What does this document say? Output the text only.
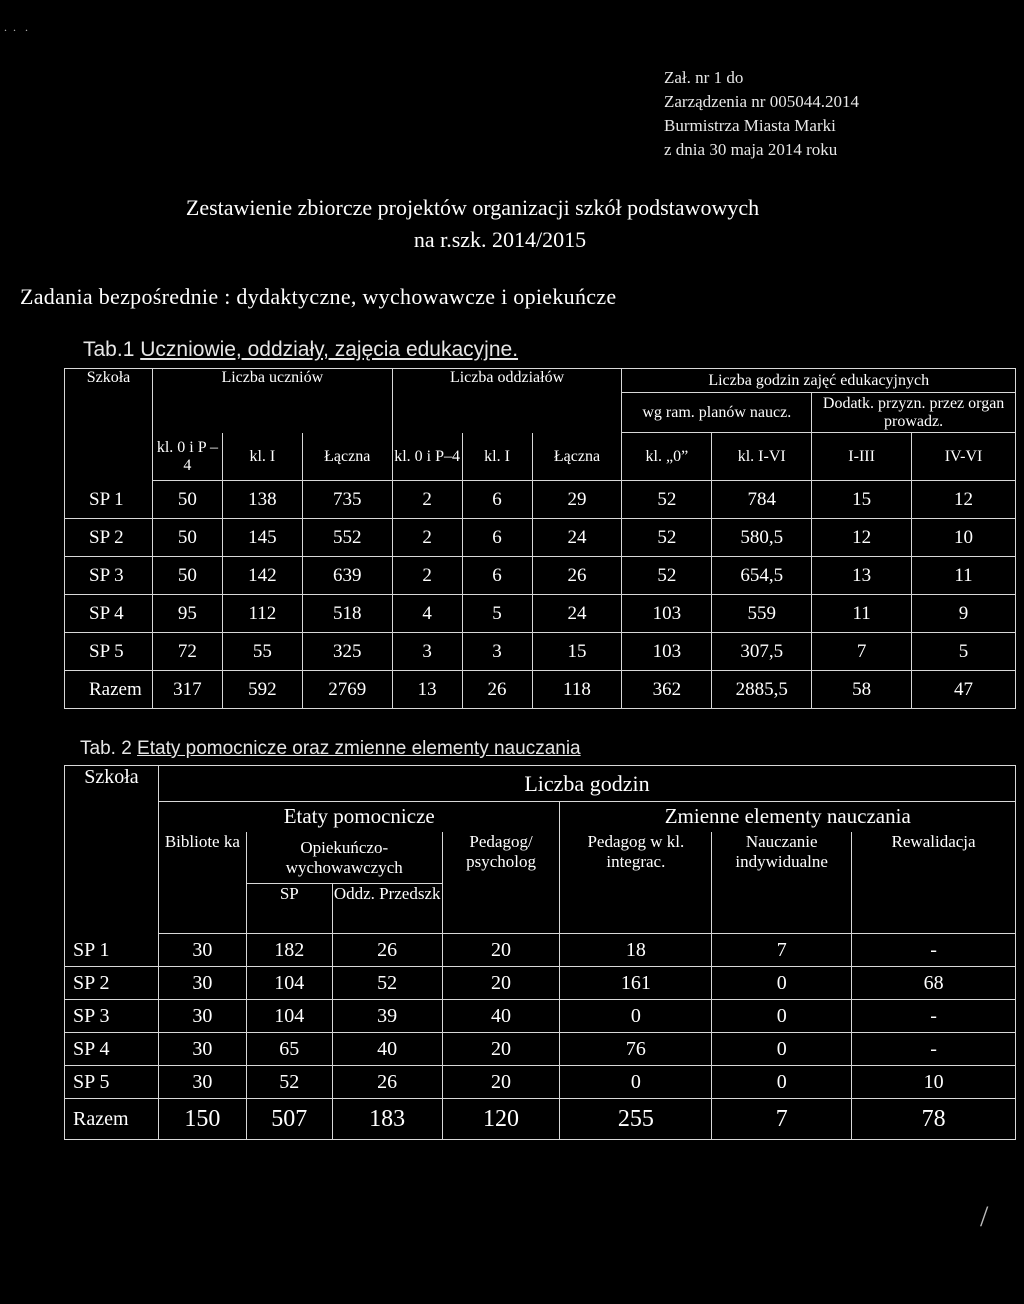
Zał. nr 1 do
Zarządzenia nr 005044.2014
Burmistrza Miasta Marki
z dnia 30 maja 2014 roku
Zestawienie zbiorcze projektów organizacji szkół podstawowych
na r.szk. 2014/2015
Zadania bezpośrednie : dydaktyczne, wychowawcze i opiekuńcze
Tab.1 Uczniowie, oddziały, zajęcia edukacyjne.
Szkoła	Liczba uczniów			Liczba oddziałów			Liczba godzin zajęć edukacyjnych			
							wg ram. planów naucz.		Dodatk. przyzn. przez organ prowadz.	
	kl. 0 i P – 4	kl. I	Łączna	kl. 0 i P–4	kl. I	Łączna	kl. „0”	kl. I-VI	I-III	IV-VI
SP 1	50	138	735	2	6	29	52	784	15	12
SP 2	50	145	552	2	6	24	52	580,5	12	10
SP 3	50	142	639	2	6	26	52	654,5	13	11
SP 4	95	112	518	4	5	24	103	559	11	9
SP 5	72	55	325	3	3	15	103	307,5	7	5
Razem	317	592	2769	13	26	118	362	2885,5	58	47
Tab. 2 Etaty pomocnicze oraz zmienne elementy nauczania
Szkoła	Liczba godzin						
	Etaty pomocnicze				Zmienne elementy nauczania		
	Bibliote ka	Opiekuńczo- wychowawczych		Pedagog/ psycholog	Pedagog w kl. integrac.	Nauczanie indywidualne	Rewalidacja
		SP	Oddz. Przedszk				
SP 1	30	182	26	20	18	7	-
SP 2	30	104	52	20	161	0	68
SP 3	30	104	39	40	0	0	-
SP 4	30	65	40	20	76	0	-
SP 5	30	52	26	20	0	0	10
Razem	150	507	183	120	255	7	78
.  .   .
/
